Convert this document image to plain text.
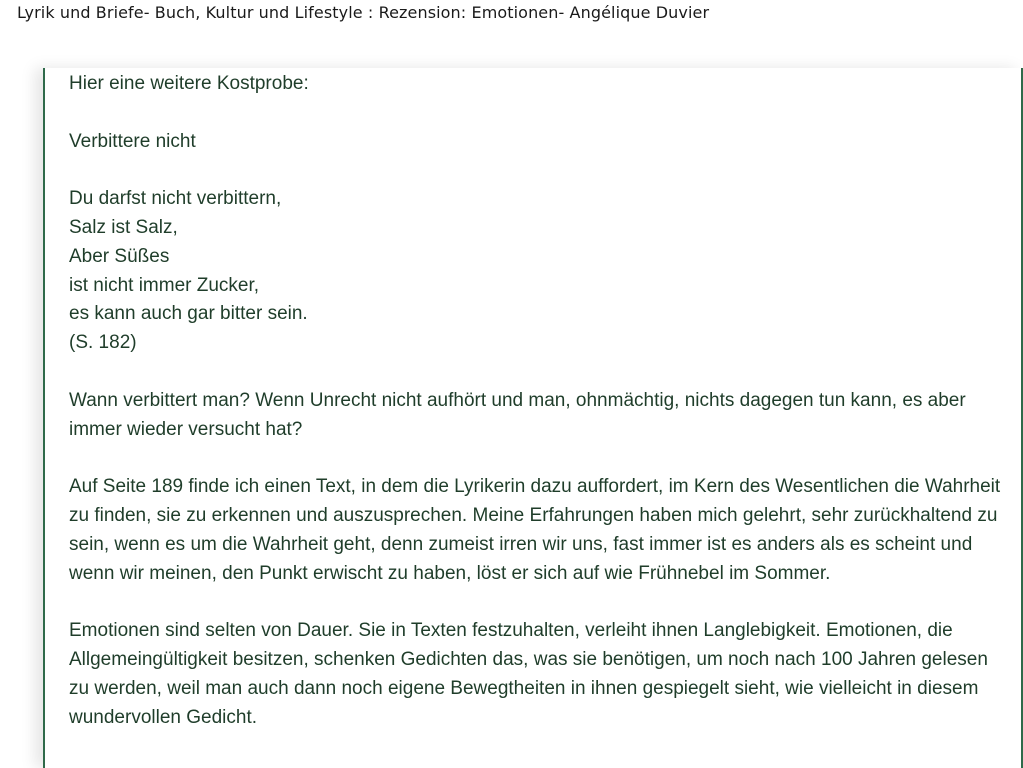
Lyrik und Briefe- Buch, Kultur und Lifestyle : Rezension: Emotionen- Angélique Duvier

Hier eine weitere Kostprobe:

Verbittere nicht

Du darfst nicht verbittern,
Salz ist Salz,
Aber Süßes
ist nicht immer Zucker,
es kann auch gar bitter sein.
(S. 182)

Wann verbittert man? Wenn Unrecht nicht aufhört und man, ohnmächtig, nichts dagegen tun kann, es aber immer wieder versucht hat?

Auf Seite 189 finde ich einen Text, in dem die Lyrikerin dazu auffordert, im Kern des Wesentlichen die Wahrheit zu finden, sie zu erkennen und auszusprechen. Meine Erfahrungen haben mich gelehrt, sehr zurückhaltend zu sein, wenn es um die Wahrheit geht, denn zumeist irren wir uns, fast immer ist es anders als es scheint und wenn wir meinen, den Punkt erwischt zu haben, löst er sich auf wie Frühnebel im Sommer.

Emotionen sind selten von Dauer. Sie in Texten festzuhalten, verleiht ihnen Langlebigkeit. Emotionen, die Allgemeingültigkeit besitzen, schenken Gedichten das, was sie benötigen, um noch nach 100 Jahren gelesen zu werden, weil man auch dann noch eigene Bewegtheiten in ihnen gespiegelt sieht, wie vielleicht in diesem wundervollen Gedicht.
